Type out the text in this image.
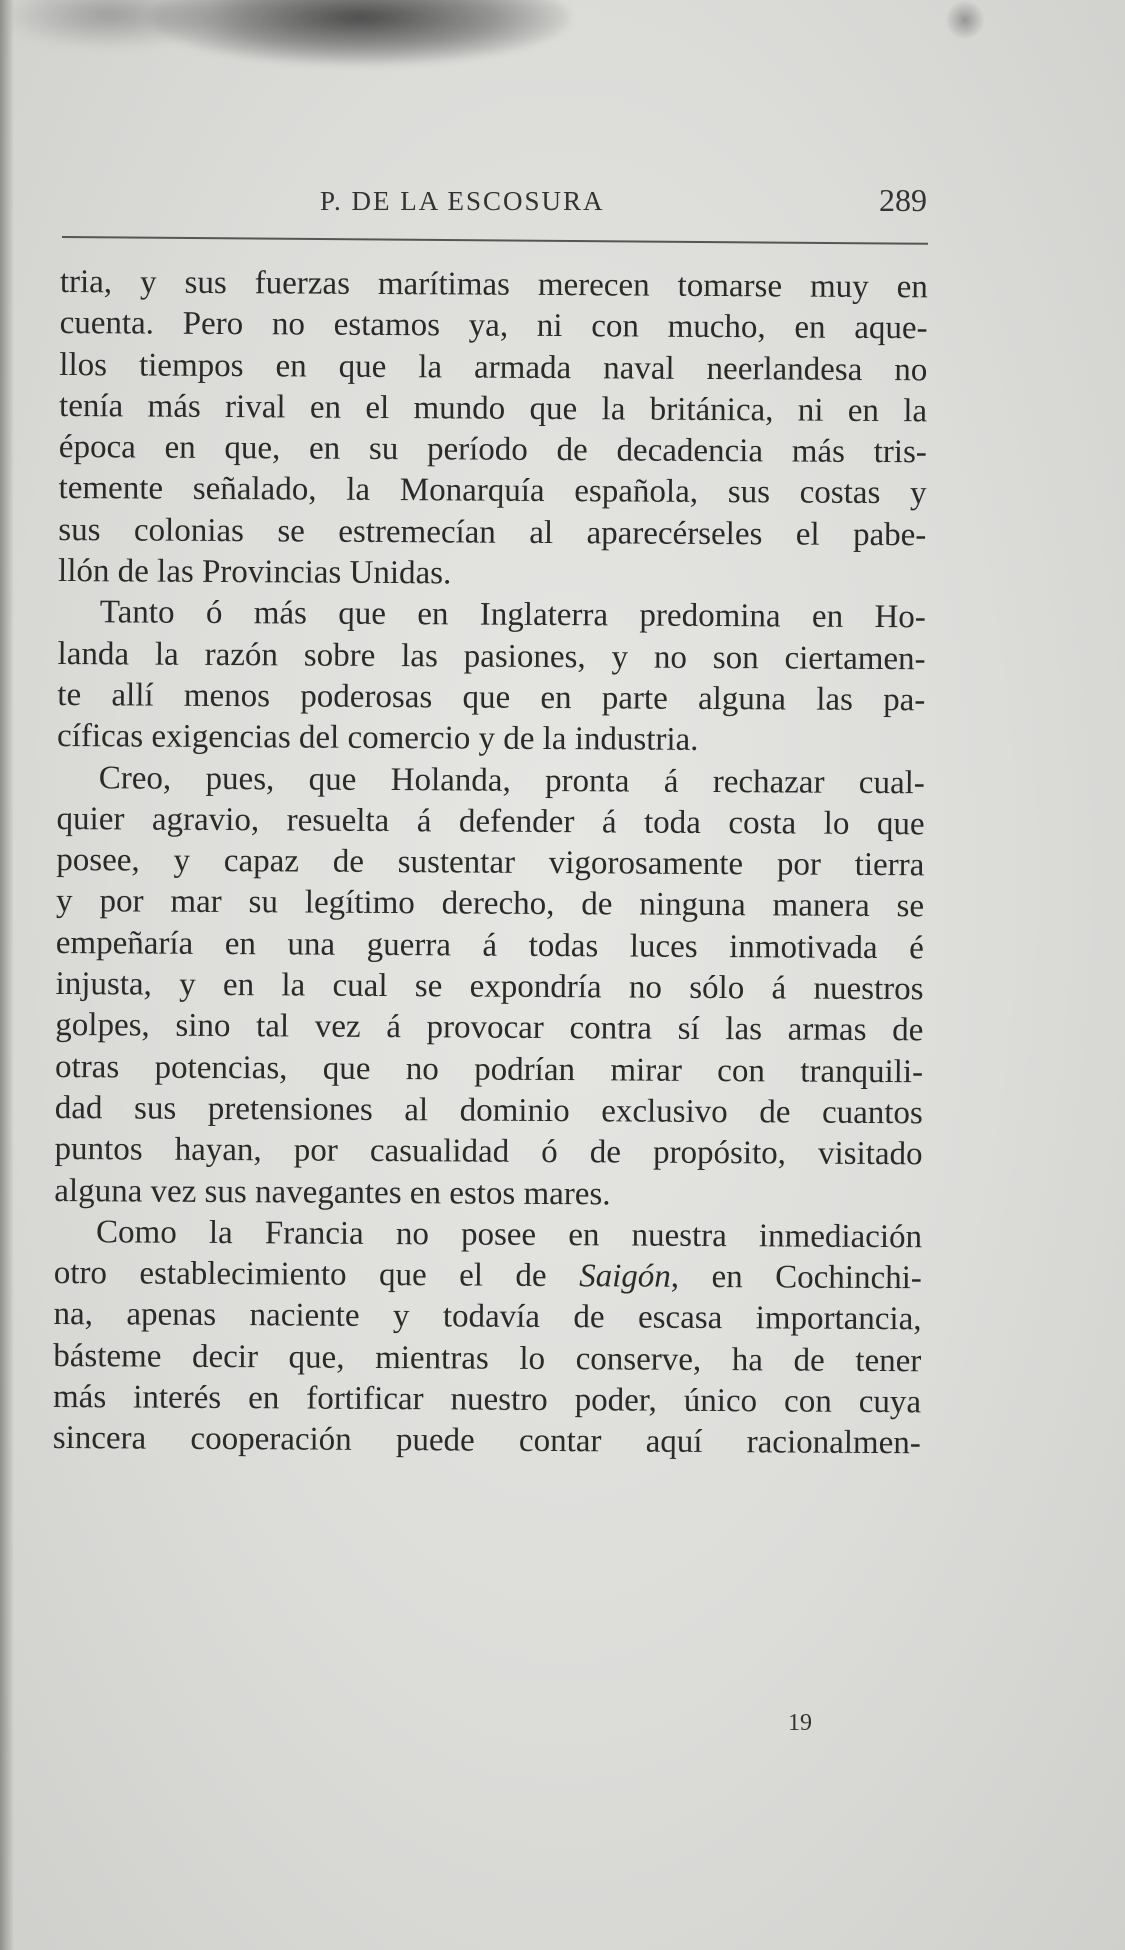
P. DE LA ESCOSURA	289
tria, y sus fuerzas marítimas merecen tomarse muy en
cuenta. Pero no estamos ya, ni con mucho, en aque-
llos tiempos en que la armada naval neerlandesa no
tenía más rival en el mundo que la británica, ni en la
época en que, en su período de decadencia más tris-
temente señalado, la Monarquía española, sus costas y
sus colonias se estremecían al aparecérseles el pabe-
llón de las Provincias Unidas.
Tanto ó más que en Inglaterra predomina en Ho-
landa la razón sobre las pasiones, y no son ciertamen-
te allí menos poderosas que en parte alguna las pa-
cíficas exigencias del comercio y de la industria.
Creo, pues, que Holanda, pronta á rechazar cual-
quier agravio, resuelta á defender á toda costa lo que
posee, y capaz de sustentar vigorosamente por tierra
y por mar su legítimo derecho, de ninguna manera se
empeñaría en una guerra á todas luces inmotivada é
injusta, y en la cual se expondría no sólo á nuestros
golpes, sino tal vez á provocar contra sí las armas de
otras potencias, que no podrían mirar con tranquili-
dad sus pretensiones al dominio exclusivo de cuantos
puntos hayan, por casualidad ó de propósito, visitado
alguna vez sus navegantes en estos mares.
Como la Francia no posee en nuestra inmediación
otro establecimiento que el de Saigón, en Cochinchi-
na, apenas naciente y todavía de escasa importancia,
básteme decir que, mientras lo conserve, ha de tener
más interés en fortificar nuestro poder, único con cuya
sincera cooperación puede contar aquí racionalmen-
19
